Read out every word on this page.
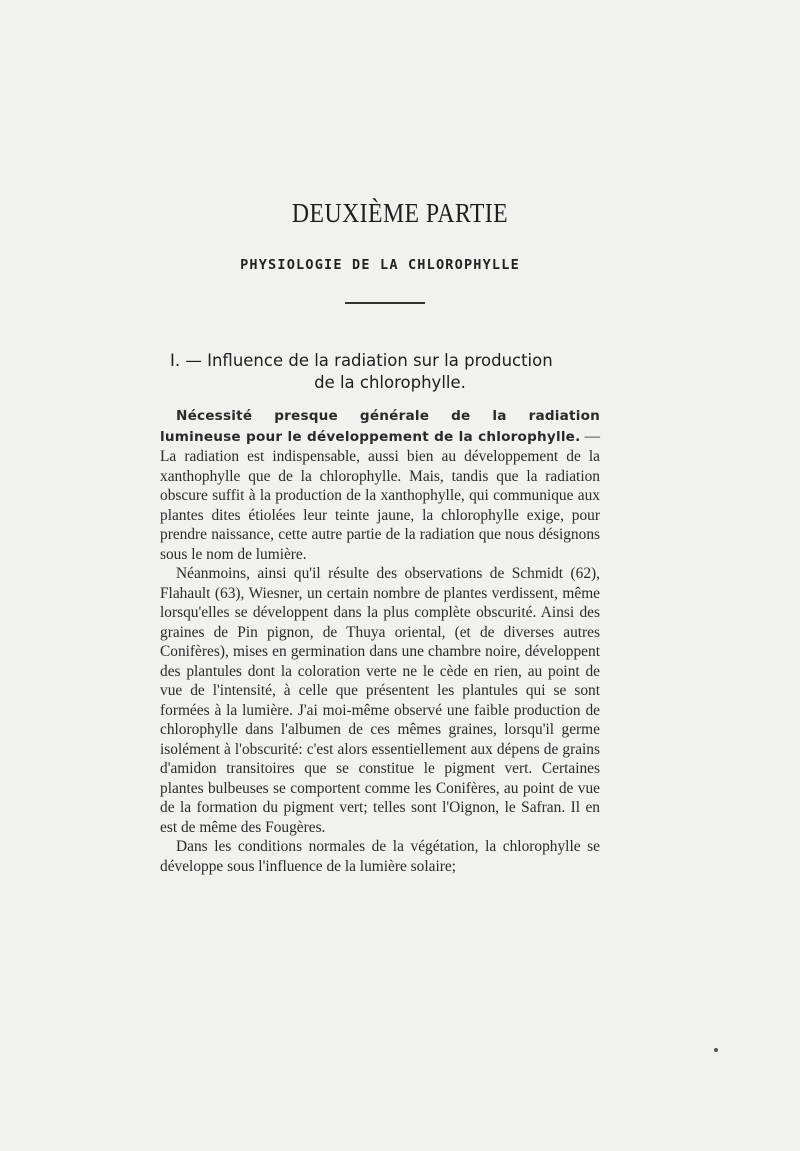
DEUXIÈME PARTIE
PHYSIOLOGIE DE LA CHLOROPHYLLE
I. — Influence de la radiation sur la production
de la chlorophylle.

Nécessité presque générale de la radiation lumineuse pour le développement de la chlorophylle. — La radiation est indispensable, aussi bien au développement de la xanthophylle que de la chlorophylle. Mais, tandis que la radiation obscure suffit à la production de la xanthophylle, qui communique aux plantes dites étiolées leur teinte jaune, la chlorophylle exige, pour prendre naissance, cette autre partie de la radiation que nous désignons sous le nom de lumière.

Néanmoins, ainsi qu'il résulte des observations de Schmidt (62), Flahault (63), Wiesner, un certain nombre de plantes verdissent, même lorsqu'elles se développent dans la plus complète obscurité. Ainsi des graines de Pin pignon, de Thuya oriental, (et de diverses autres Conifères), mises en germination dans une chambre noire, développent des plantules dont la coloration verte ne le cède en rien, au point de vue de l'intensité, à celle que présentent les plantules qui se sont formées à la lumière. J'ai moi-même observé une faible production de chlorophylle dans l'albumen de ces mêmes graines, lorsqu'il germe isolément à l'obscurité: c'est alors essentiellement aux dépens de grains d'amidon transitoires que se constitue le pigment vert. Certaines plantes bulbeuses se comportent comme les Conifères, au point de vue de la formation du pigment vert; telles sont l'Oignon, le Safran. Il en est de même des Fougères.

Dans les conditions normales de la végétation, la chlorophylle se développe sous l'influence de la lumière solaire;
